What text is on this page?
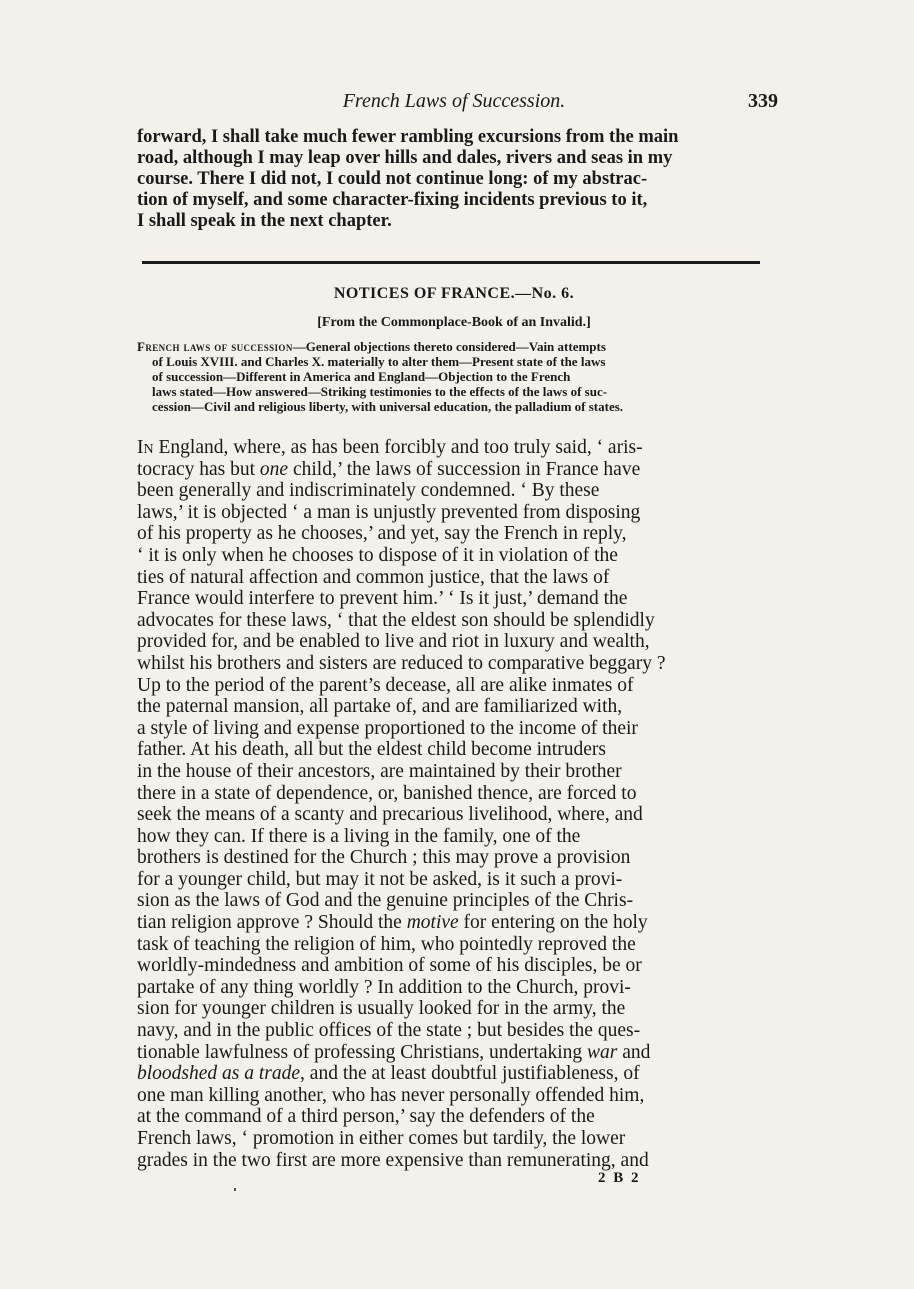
French Laws of Succession.	339
forward, I shall take much fewer rambling excursions from the main
road, although I may leap over hills and dales, rivers and seas in my
course. There I did not, I could not continue long: of my abstrac-
tion of myself, and some character-fixing incidents previous to it,
I shall speak in the next chapter.
NOTICES OF FRANCE.—No. 6.
[From the Commonplace-Book of an Invalid.]
French laws of succession—General objections thereto considered—Vain attempts
of Louis XVIII. and Charles X. materially to alter them—Present state of the laws
of succession—Different in America and England—Objection to the French
laws stated—How answered—Striking testimonies to the effects of the laws of suc-
cession—Civil and religious liberty, with universal education, the palladium of states.
In England, where, as has been forcibly and too truly said, ‘ aris-
tocracy has but one child,’ the laws of succession in France have
been generally and indiscriminately condemned. ‘ By these
laws,’ it is objected ‘ a man is unjustly prevented from disposing
of his property as he chooses,’ and yet, say the French in reply,
‘ it is only when he chooses to dispose of it in violation of the
ties of natural affection and common justice, that the laws of
France would interfere to prevent him.’ ‘ Is it just,’ demand the
advocates for these laws, ‘ that the eldest son should be splendidly
provided for, and be enabled to live and riot in luxury and wealth,
whilst his brothers and sisters are reduced to comparative beggary ?
Up to the period of the parent’s decease, all are alike inmates of
the paternal mansion, all partake of, and are familiarized with,
a style of living and expense proportioned to the income of their
father. At his death, all but the eldest child become intruders
in the house of their ancestors, are maintained by their brother
there in a state of dependence, or, banished thence, are forced to
seek the means of a scanty and precarious livelihood, where, and
how they can. If there is a living in the family, one of the
brothers is destined for the Church ; this may prove a provision
for a younger child, but may it not be asked, is it such a provi-
sion as the laws of God and the genuine principles of the Chris-
tian religion approve ? Should the motive for entering on the holy
task of teaching the religion of him, who pointedly reproved the
worldly-mindedness and ambition of some of his disciples, be or
partake of any thing worldly ? In addition to the Church, provi-
sion for younger children is usually looked for in the army, the
navy, and in the public offices of the state ; but besides the ques-
tionable lawfulness of professing Christians, undertaking war and
bloodshed as a trade, and the at least doubtful justifiableness, of
one man killing another, who has never personally offended him,
at the command of a third person,’ say the defenders of the
French laws, ‘ promotion in either comes but tardily, the lower
grades in the two first are more expensive than remunerating, and
2 B 2
